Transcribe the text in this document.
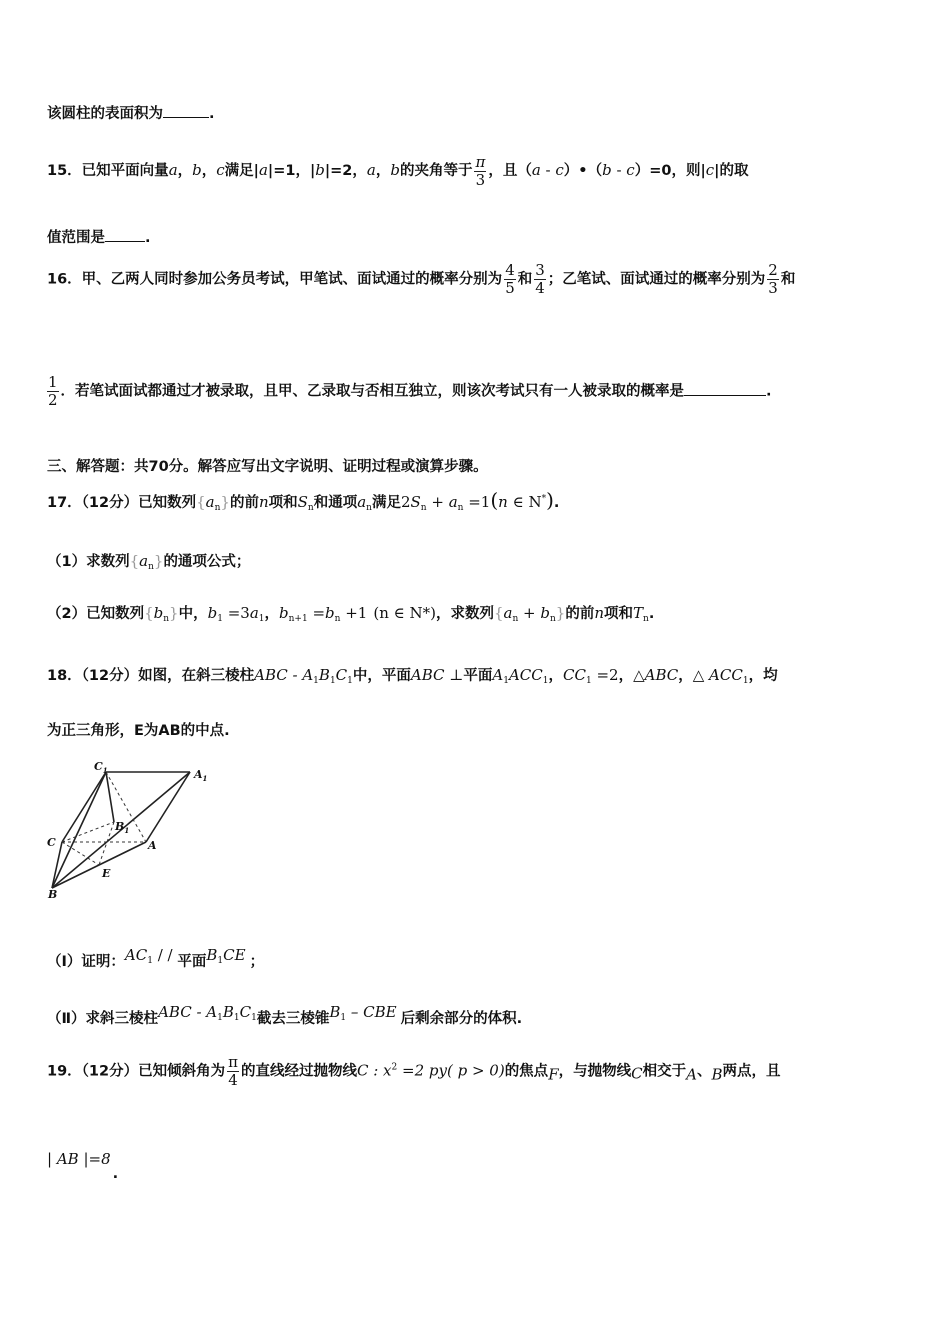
该圆柱的表面积为	.
15．已知平面向量a，b，c满足|a|=1，|b|=2，a，b的夹角等于 $\frac{\pi}{3}$ ，且（a - c）•（b - c）=0，则|c|的取
值范围是	.
16．甲、乙两人同时参加公务员考试，甲笔试、面试通过的概率分别为 $\frac{4}{5}$ 和 $\frac{3}{4}$ ；乙笔试、面试通过的概率分别为 $\frac{2}{3}$ 和
$\frac{1}{2}$ ．若笔试面试都通过才被录取，且甲、乙录取与否相互独立，则该次考试只有一人被录取的概率是	.
三、解答题：共70分。解答应写出文字说明、证明过程或演算步骤。
17．（12分）已知数列$\{a_n\}$的前n项和$S_n$和通项$a_n$满足$2S_n + a_n =1(n$ ∈ N*).
（1）求数列$\{a_n\}$的通项公式；
（2）已知数列$\{b_n\}$中，$b_1 =3a_1$，$b_{n+1} =b_n +1$ (n ∈ N*)，求数列$\{a_n + b_n\}$的前n项和$T_n$.
18．（12分）如图，在斜三棱柱ABC - $A_1B_1C_1$中，平面ABC ⊥平面$A_1ACC_1$，$CC_1 =2$，△ABC，△ $ACC_1$，均
为正三角形，E为AB的中点.
$C_1$	$A_1$
$B_1$
C	A
E
B
（Ⅰ）证明：$AC^1$ / / 平面$B^1CE$ ；
（Ⅱ）求斜三棱柱ABC - $A^1B^1C^1$截去三棱锥$B^1$ – CBE 后剩余部分的体积.
19．（12分）已知倾斜角为 $\frac{\pi}{4}$ 的直线经过抛物线C : $x^2 =2$ py( p > 0)的焦点F，与抛物线C相交于A、B两点，且
| AB |=8.
